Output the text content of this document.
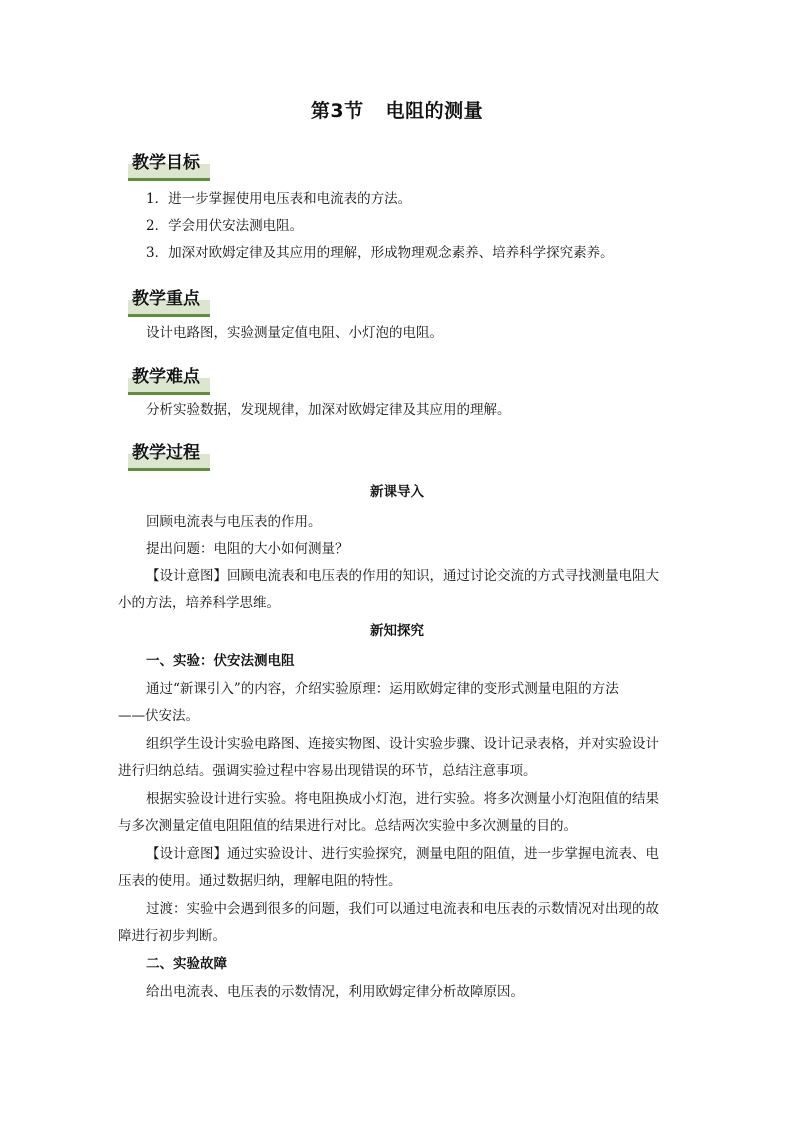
第3节 电阻的测量
教学目标
1．进一步掌握使用电压表和电流表的方法。
2．学会用伏安法测电阻。
3．加深对欧姆定律及其应用的理解，形成物理观念素养、培养科学探究素养。
教学重点
设计电路图，实验测量定值电阻、小灯泡的电阻。
教学难点
分析实验数据，发现规律，加深对欧姆定律及其应用的理解。
教学过程
新课导入
回顾电流表与电压表的作用。
提出问题：电阻的大小如何测量？
【设计意图】回顾电流表和电压表的作用的知识，通过讨论交流的方式寻找测量电阻大
小的方法，培养科学思维。
新知探究
一、实验：伏安法测电阻
通过“新课引入”的内容，介绍实验原理：运用欧姆定律的变形式测量电阻的方法
——伏安法。
组织学生设计实验电路图、连接实物图、设计实验步骤、设计记录表格，并对实验设计
进行归纳总结。强调实验过程中容易出现错误的环节，总结注意事项。
根据实验设计进行实验。将电阻换成小灯泡，进行实验。将多次测量小灯泡阻值的结果
与多次测量定值电阻阻值的结果进行对比。总结两次实验中多次测量的目的。
【设计意图】通过实验设计、进行实验探究，测量电阻的阻值，进一步掌握电流表、电
压表的使用。通过数据归纳，理解电阻的特性。
过渡：实验中会遇到很多的问题，我们可以通过电流表和电压表的示数情况对出现的故
障进行初步判断。
二、实验故障
给出电流表、电压表的示数情况，利用欧姆定律分析故障原因。
